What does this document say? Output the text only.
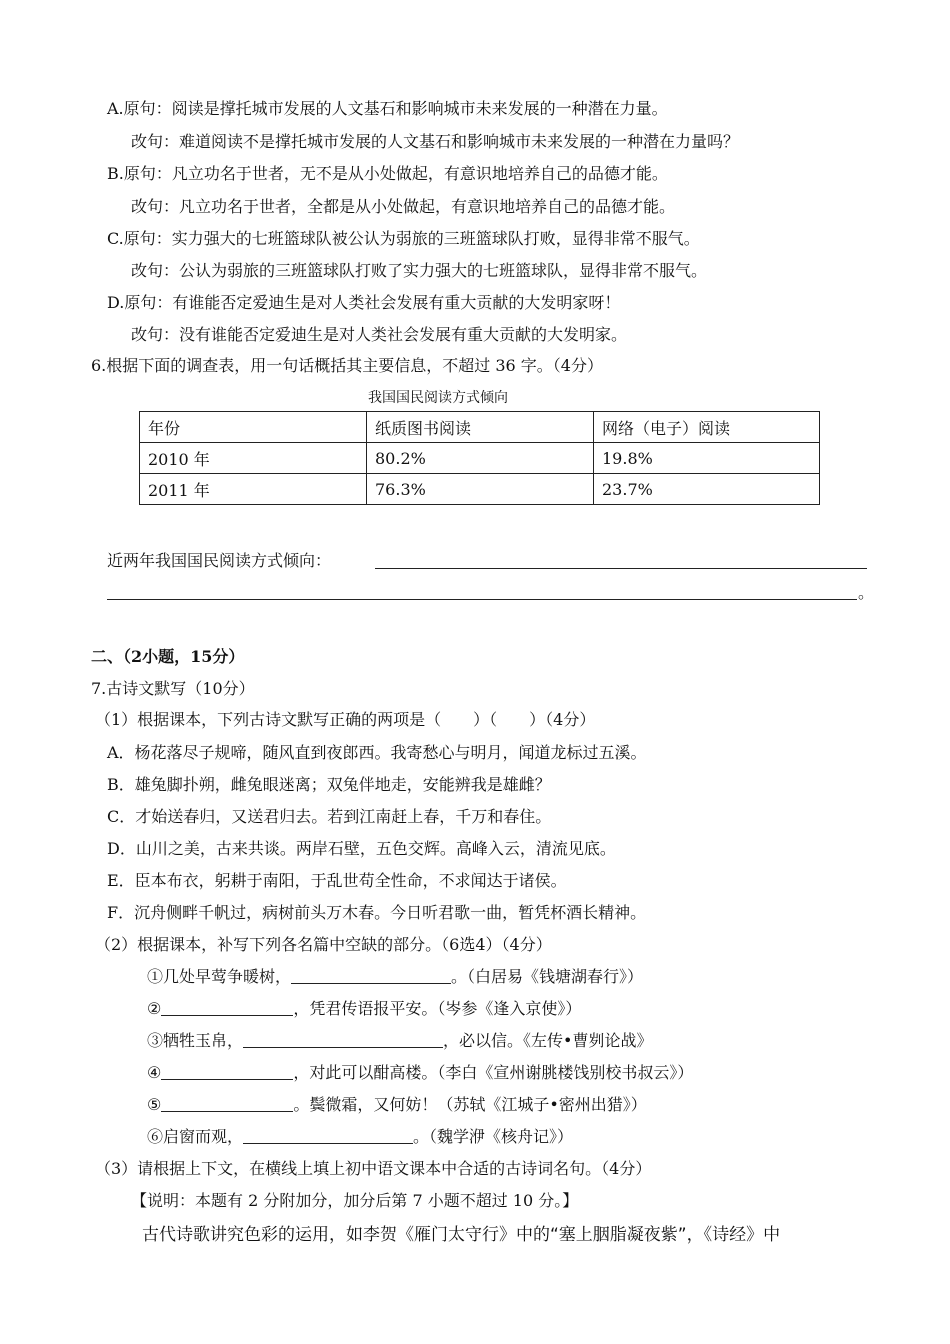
A.原句：阅读是撑托城市发展的人文基石和影响城市未来发展的一种潜在力量。
改句：难道阅读不是撑托城市发展的人文基石和影响城市未来发展的一种潜在力量吗？
B.原句：凡立功名于世者，无不是从小处做起，有意识地培养自己的品德才能。
改句：凡立功名于世者，全都是从小处做起，有意识地培养自己的品德才能。
C.原句：实力强大的七班篮球队被公认为弱旅的三班篮球队打败，显得非常不服气。
改句：公认为弱旅的三班篮球队打败了实力强大的七班篮球队，显得非常不服气。
D.原句：有谁能否定爱迪生是对人类社会发展有重大贡献的大发明家呀！
改句：没有谁能否定爱迪生是对人类社会发展有重大贡献的大发明家。
6.根据下面的调查表，用一句话概括其主要信息，不超过 36 字。（4分）
我国国民阅读方式倾向
年份	纸质图书阅读	网络（电子）阅读
2010 年	80.2%	19.8%
2011 年	76.3%	23.7%
近两年我国国民阅读方式倾向：
。
二、（2小题，15分）
7.古诗文默写（10分）
（1）根据课本，下列古诗文默写正确的两项是（　　）（　　）（4分）
A．杨花落尽子规啼，随风直到夜郎西。我寄愁心与明月，闻道龙标过五溪。
B．雄兔脚扑朔，雌兔眼迷离；双兔伴地走，安能辨我是雄雌？
C．才始送春归，又送君归去。若到江南赶上春，千万和春住。
D．山川之美，古来共谈。两岸石壁，五色交辉。高峰入云，清流见底。
E．臣本布衣，躬耕于南阳，于乱世苟全性命，不求闻达于诸侯。
F．沉舟侧畔千帆过，病树前头万木春。今日听君歌一曲，暂凭杯酒长精神。
（2）根据课本，补写下列各名篇中空缺的部分。（6选4）（4分）
①几处早莺争暖树，	。（白居易《钱塘湖春行》）
②	，凭君传语报平安。（岑参《逢入京使》）
③牺牲玉帛，	，必以信。《左传•曹刿论战》
④	，对此可以酣高楼。（李白《宣州谢朓楼饯别校书叔云》）
⑤	。鬓微霜，又何妨！（苏轼《江城子•密州出猎》）
⑥启窗而观，	。（魏学洢《核舟记》）
（3）请根据上下文，在横线上填上初中语文课本中合适的古诗词名句。（4分）
【说明：本题有 2 分附加分，加分后第 7 小题不超过 10 分。】
古代诗歌讲究色彩的运用，如李贺《雁门太守行》中的“塞上胭脂凝夜紫”，《诗经》中
